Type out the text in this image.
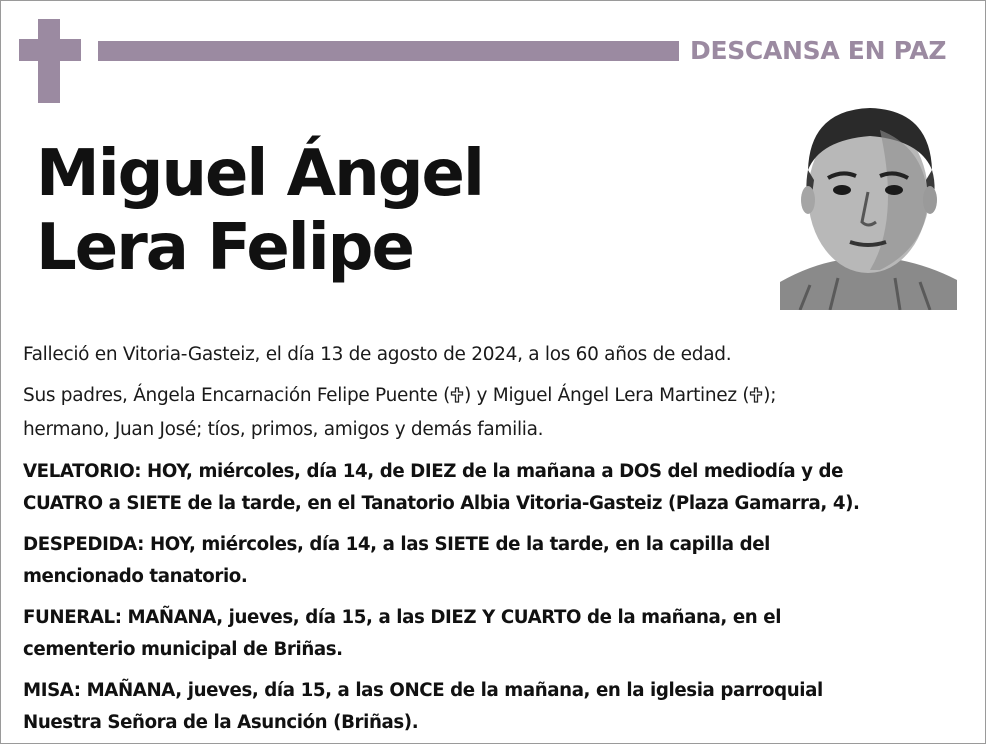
DESCANSA EN PAZ
Miguel Ángel
Lera Felipe
Falleció en Vitoria-Gasteiz, el día 13 de agosto de 2024, a los 60 años de edad.
Sus padres, Ángela Encarnación Felipe Puente ( ) y Miguel Ángel Lera Martinez ( );
hermano, Juan José; tíos, primos, amigos y demás familia.
VELATORIO: HOY, miércoles, día 14, de DIEZ de la mañana a DOS del mediodía y de
CUATRO a SIETE de la tarde, en el Tanatorio Albia Vitoria-Gasteiz (Plaza Gamarra, 4).
DESPEDIDA: HOY, miércoles, día 14, a las SIETE de la tarde, en la capilla del
mencionado tanatorio.
FUNERAL: MAÑANA, jueves, día 15, a las DIEZ Y CUARTO de la mañana, en el
cementerio municipal de Briñas.
MISA: MAÑANA, jueves, día 15, a las ONCE de la mañana, en la iglesia parroquial
Nuestra Señora de la Asunción (Briñas).
